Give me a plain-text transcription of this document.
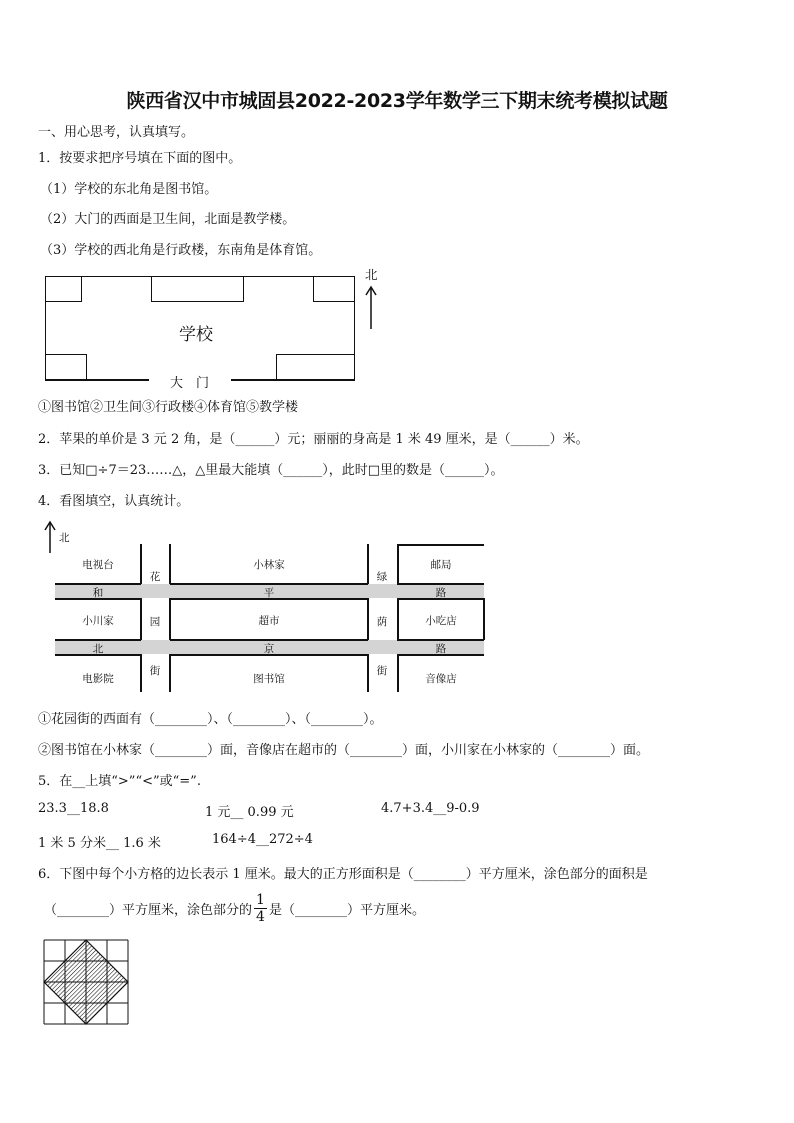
陕西省汉中市城固县2022-2023学年数学三下期末统考模拟试题
一、用心思考，认真填写。
1．按要求把序号填在下面的图中。
（1）学校的东北角是图书馆。
（2）大门的西面是卫生间，北面是教学楼。
（3）学校的西北角是行政楼，东南角是体育馆。
学校
大　门
北
①图书馆②卫生间③行政楼④体育馆⑤教学楼
2．苹果的单价是 3 元 2 角，是（______）元；丽丽的身高是 1 米 49 厘米，是（______）米。
3．已知□÷7＝23……△，△里最大能填（______），此时□里的数是（______）。
4．看图填空，认真统计。
北
电视台	小林家	邮局
小川家	超市	小吃店
电影院	图书馆	音像店
和	平	路
北	京	路
花
园
街
绿
荫
街
①花园街的西面有（________）、（________）、（________）。
②图书馆在小林家（________）面，音像店在超市的（________）面，小川家在小林家的（________）面。
5．在__上填“>”“<”或“=”.
23.3__18.8	1 元__ 0.99 元	4.7+3.4__9-0.9
1 米 5 分米__ 1.6 米	164÷4__272÷4
6．下图中每个小方格的边长表示 1 厘米。最大的正方形面积是（________）平方厘米，涂色部分的面积是
（________）平方厘米，涂色部分的 $\frac{1}{4}$ 是（________）平方厘米。
